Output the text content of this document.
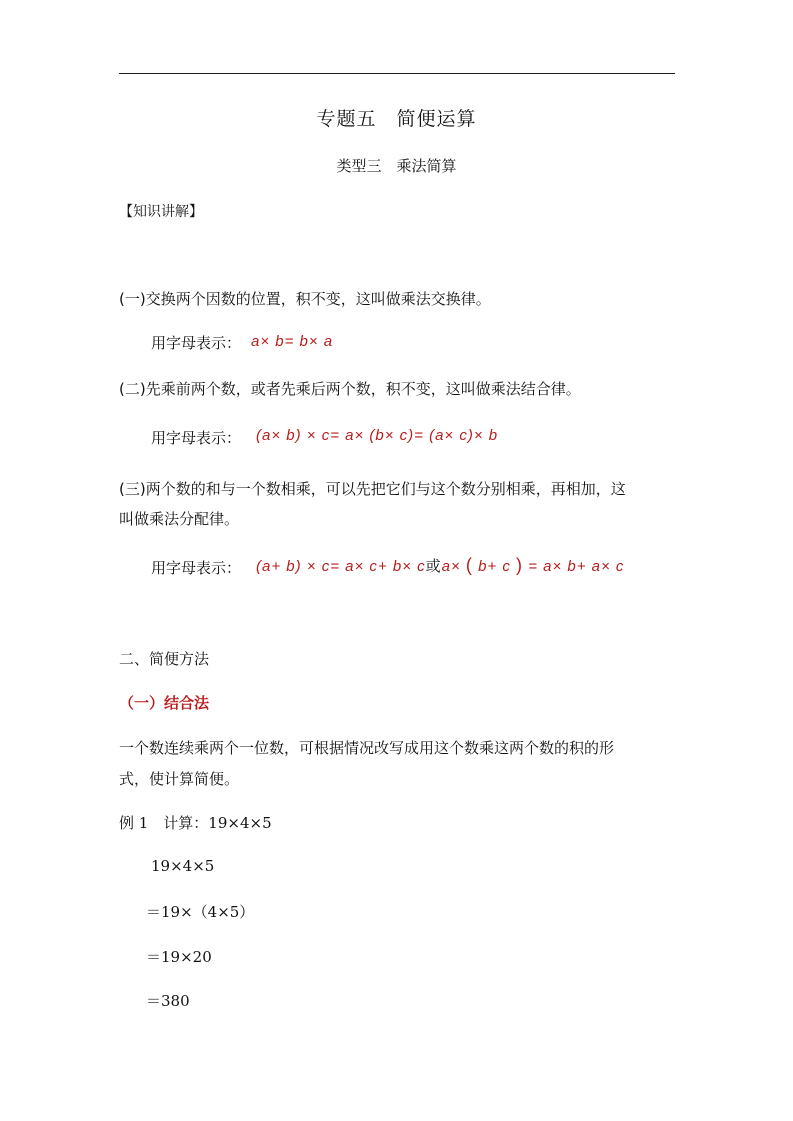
专题五　简便运算
类型三　乘法简算
【知识讲解】
(一)交换两个因数的位置，积不变，这叫做乘法交换律。
用字母表示： a× b= b× a
(二)先乘前两个数，或者先乘后两个数，积不变，这叫做乘法结合律。
用字母表示： (a× b) × c= a× (b× c)= (a× c)× b
(三)两个数的和与一个数相乘，可以先把它们与这个数分别相乘，再相加，这
叫做乘法分配律。
用字母表示： (a+ b) × c= a× c+ b× c或a× ( b+ c ) = a× b+ a× c
二、简便方法
（一）结合法
一个数连续乘两个一位数，可根据情况改写成用这个数乘这两个数的积的形
式，使计算简便。
例 1　计算：19×4×5
19×4×5
＝19×（4×5）
＝19×20
＝380
